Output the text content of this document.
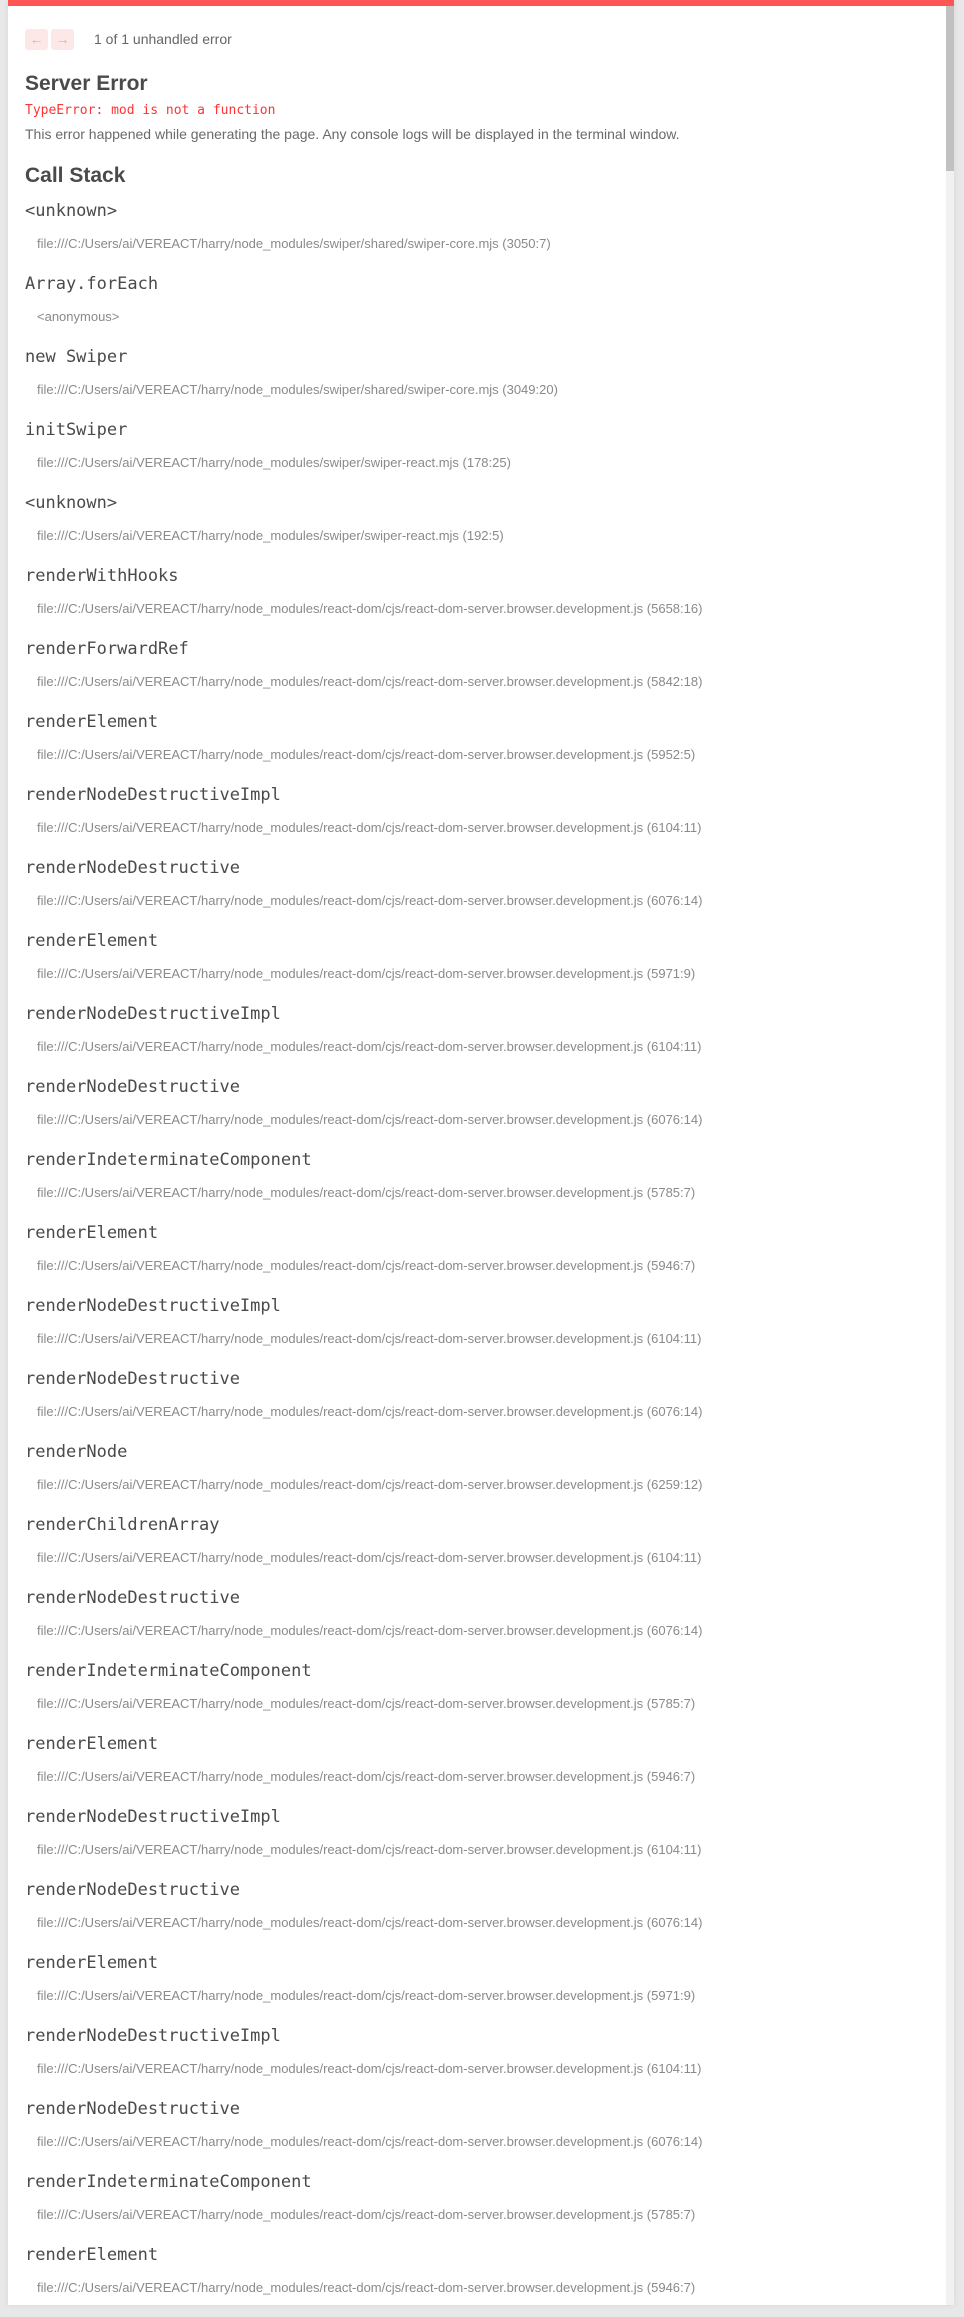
← → 1 of 1 unhandled error
Server Error
TypeError: mod is not a function
This error happened while generating the page. Any console logs will be displayed in the terminal window.
Call Stack
<unknown>
file:///C:/Users/ai/VEREACT/harry/node_modules/swiper/shared/swiper-core.mjs (3050:7)
Array.forEach
<anonymous>
new Swiper
file:///C:/Users/ai/VEREACT/harry/node_modules/swiper/shared/swiper-core.mjs (3049:20)
initSwiper
file:///C:/Users/ai/VEREACT/harry/node_modules/swiper/swiper-react.mjs (178:25)
<unknown>
file:///C:/Users/ai/VEREACT/harry/node_modules/swiper/swiper-react.mjs (192:5)
renderWithHooks
file:///C:/Users/ai/VEREACT/harry/node_modules/react-dom/cjs/react-dom-server.browser.development.js (5658:16)
renderForwardRef
file:///C:/Users/ai/VEREACT/harry/node_modules/react-dom/cjs/react-dom-server.browser.development.js (5842:18)
renderElement
file:///C:/Users/ai/VEREACT/harry/node_modules/react-dom/cjs/react-dom-server.browser.development.js (5952:5)
renderNodeDestructiveImpl
file:///C:/Users/ai/VEREACT/harry/node_modules/react-dom/cjs/react-dom-server.browser.development.js (6104:11)
renderNodeDestructive
file:///C:/Users/ai/VEREACT/harry/node_modules/react-dom/cjs/react-dom-server.browser.development.js (6076:14)
renderElement
file:///C:/Users/ai/VEREACT/harry/node_modules/react-dom/cjs/react-dom-server.browser.development.js (5971:9)
renderNodeDestructiveImpl
file:///C:/Users/ai/VEREACT/harry/node_modules/react-dom/cjs/react-dom-server.browser.development.js (6104:11)
renderNodeDestructive
file:///C:/Users/ai/VEREACT/harry/node_modules/react-dom/cjs/react-dom-server.browser.development.js (6076:14)
renderIndeterminateComponent
file:///C:/Users/ai/VEREACT/harry/node_modules/react-dom/cjs/react-dom-server.browser.development.js (5785:7)
renderElement
file:///C:/Users/ai/VEREACT/harry/node_modules/react-dom/cjs/react-dom-server.browser.development.js (5946:7)
renderNodeDestructiveImpl
file:///C:/Users/ai/VEREACT/harry/node_modules/react-dom/cjs/react-dom-server.browser.development.js (6104:11)
renderNodeDestructive
file:///C:/Users/ai/VEREACT/harry/node_modules/react-dom/cjs/react-dom-server.browser.development.js (6076:14)
renderNode
file:///C:/Users/ai/VEREACT/harry/node_modules/react-dom/cjs/react-dom-server.browser.development.js (6259:12)
renderChildrenArray
file:///C:/Users/ai/VEREACT/harry/node_modules/react-dom/cjs/react-dom-server.browser.development.js (6104:11)
renderNodeDestructive
file:///C:/Users/ai/VEREACT/harry/node_modules/react-dom/cjs/react-dom-server.browser.development.js (6076:14)
renderIndeterminateComponent
file:///C:/Users/ai/VEREACT/harry/node_modules/react-dom/cjs/react-dom-server.browser.development.js (5785:7)
renderElement
file:///C:/Users/ai/VEREACT/harry/node_modules/react-dom/cjs/react-dom-server.browser.development.js (5946:7)
renderNodeDestructiveImpl
file:///C:/Users/ai/VEREACT/harry/node_modules/react-dom/cjs/react-dom-server.browser.development.js (6104:11)
renderNodeDestructive
file:///C:/Users/ai/VEREACT/harry/node_modules/react-dom/cjs/react-dom-server.browser.development.js (6076:14)
renderElement
file:///C:/Users/ai/VEREACT/harry/node_modules/react-dom/cjs/react-dom-server.browser.development.js (5971:9)
renderNodeDestructiveImpl
file:///C:/Users/ai/VEREACT/harry/node_modules/react-dom/cjs/react-dom-server.browser.development.js (6104:11)
renderNodeDestructive
file:///C:/Users/ai/VEREACT/harry/node_modules/react-dom/cjs/react-dom-server.browser.development.js (6076:14)
renderIndeterminateComponent
file:///C:/Users/ai/VEREACT/harry/node_modules/react-dom/cjs/react-dom-server.browser.development.js (5785:7)
renderElement
file:///C:/Users/ai/VEREACT/harry/node_modules/react-dom/cjs/react-dom-server.browser.development.js (5946:7)
